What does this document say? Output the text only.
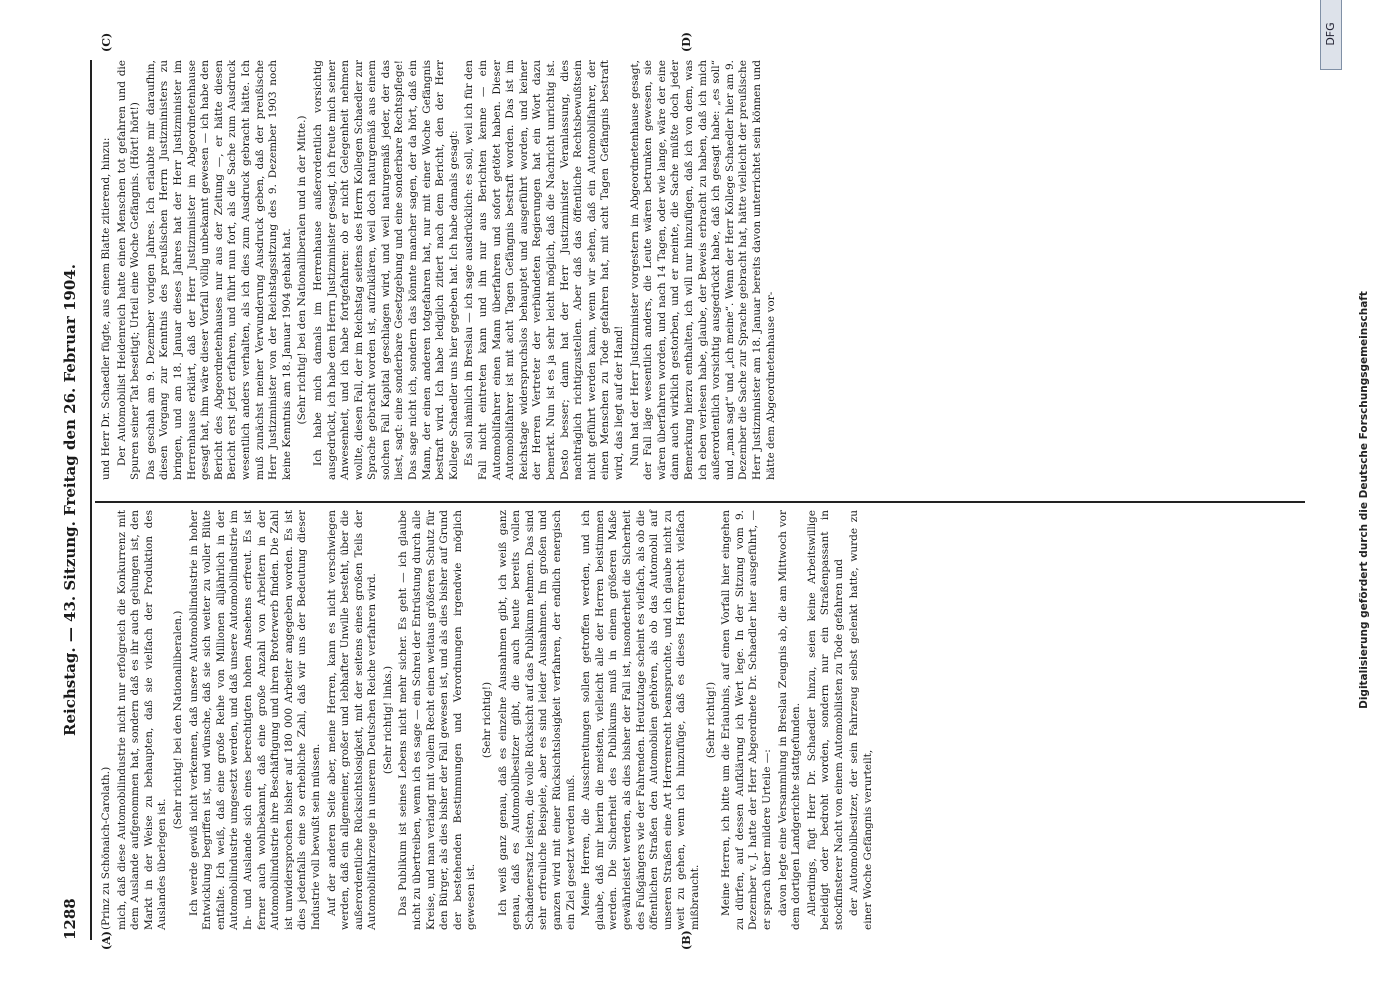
1288
Reichstag. — 43. Sitzung. Freitag den 26. Februar 1904.
(A)	(B)
(C)	(D)

(Prinz zu Schönaich-Carolath.) mich, daß diese Automobilindustrie nicht nur erfolgreich die Konkurrenz mit dem Auslande aufgenommen hat, sondern daß es ihr auch gelungen ist, den Markt in der Weise zu behaupten, daß sie vielfach der Produktion des Auslandes überlegen ist.

(Sehr richtig! bei den Nationalliberalen.) Ich werde gewiß nicht verkennen, daß unsere Automobilindustrie in hoher Entwicklung begriffen ist, und wünsche, daß sie sich weiter zu voller Blüte entfalte. Ich weiß, daß eine große Reihe von Millionen alljährlich in der Automobilindustrie umgesetzt werden, und daß unsere Automobilindustrie im In- und Auslande sich eines berechtigten hohen Ansehens erfreut. Es ist ferner auch wohlbekannt, daß eine große Anzahl von Arbeitern in der Automobilindustrie ihre Beschäftigung und ihren Broterwerb finden. Die Zahl ist unwidersprochen bisher auf 180 000 Arbeiter angegeben worden. Es ist dies jedenfalls eine so erhebliche Zahl, daß wir uns der Bedeutung dieser Industrie voll bewußt sein müssen. Auf der anderen Seite aber, meine Herren, kann es nicht verschwiegen werden, daß ein allgemeiner, großer und lebhafter Unwille besteht, über die außerordentliche Rücksichtslosigkeit, mit der seitens eines großen Teils der Automobilfahrzeuge in unserem Deutschen Reiche verfahren wird. (Sehr richtig! links.) Das Publikum ist seines Lebens nicht mehr sicher. Es geht — ich glaube nicht zu übertreiben, wenn ich es sage — ein Schrei der Entrüstung durch alle Kreise, und man verlangt mit vollem Recht einen weitaus größeren Schutz für den Bürger, als dies bisher der Fall gewesen ist, und als dies bisher auf Grund der bestehenden Bestimmungen und Verordnungen irgendwie möglich gewesen ist.

(Sehr richtig!) Ich weiß ganz genau, daß es einzelne Ausnahmen gibt, ich weiß ganz genau, daß es Automobilbesitzer gibt, die auch heute bereits vollen Schadenersatz leisten, die volle Rücksicht auf das Publikum nehmen. Das sind sehr erfreuliche Beispiele, aber es sind leider Ausnahmen. Im großen und ganzen wird mit einer Rücksichtslosigkeit verfahren, der endlich energisch ein Ziel gesetzt werden muß. Meine Herren, die Ausschreitungen sollen getroffen werden, und ich glaube, daß mir hierin die meisten, vielleicht alle der Herren beistimmen werden. Die Sicherheit des Publikums muß in einem größeren Maße gewährleistet werden, als dies bisher der Fall ist, insonderheit die Sicherheit des Fußgängers wie der Fahrenden. Heutzutage scheint es vielfach, als ob die öffentlichen Straßen den Automobilen gehören, als ob das Automobil auf unseren Straßen eine Art Herrenrecht beanspruchte, und ich glaube nicht zu weit zu gehen, wenn ich hinzufüge, daß es dieses Herrenrecht vielfach mißbraucht.

(Sehr richtig!) Meine Herren, ich bitte um die Erlaubnis, auf einen Vorfall hier eingehen zu dürfen, auf dessen Aufklärung ich Wert lege. In der Sitzung vom 9. Dezember v. J. hatte der Herr Abgeordnete Dr. Schaedler hier ausgeführt, — er sprach über mildere Urteile —: davon legte eine Versammlung in Breslau Zeugnis ab, die am Mittwoch vor dem dortigen Landgerichte stattgefunden. Allerdings, fügt Herr Dr. Schaedler hinzu, seien keine Arbeitswillige beleidigt oder bedroht worden, sondern nur ein Straßenpassant in stockfinsterer Nacht von einem Automobilisten zu Tode gefahren und der Automobilbesitzer, der sein Fahrzeug selbst gelenkt hatte, wurde zu einer Woche Gefängnis verurteilt,

und Herr Dr. Schaedler fügte, aus einem Blatte zitierend, hinzu: Der Automobilist Heidenreich hatte einen Menschen tot gefahren und die Spuren seiner Tat beseitigt; Urteil eine Woche Gefängnis. (Hört! hört!) Das geschah am 9. Dezember vorigen Jahres. Ich erlaubte mir daraufhin, diesen Vorgang zur Kenntnis des preußischen Herrn Justizministers zu bringen, und am 18. Januar dieses Jahres hat der Herr Justizminister im Herrenhause erklärt, daß der Herr Justizminister im Abgeordnetenhause gesagt hat, ihm wäre dieser Vorfall völlig unbekannt gewesen — ich habe den Bericht des Abgeordnetenhauses nur aus der Zeitung —, er hätte diesen Bericht erst jetzt erfahren, und führt nun fort, als die Sache zum Ausdruck wesentlich anders verhalten, als ich dies zum Ausdruck gebracht hätte. Ich muß zunächst meiner Verwunderung Ausdruck geben, daß der preußische Herr Justizminister von der Reichstagssitzung des 9. Dezember 1903 noch keine Kenntnis am 18. Januar 1904 gehabt hat. (Sehr richtig! bei den Nationalliberalen und in der Mitte.) Ich habe mich damals im Herrenhause außerordentlich vorsichtig ausgedrückt, ich habe dem Herrn Justizminister gesagt, ich freute mich seiner Anwesenheit, und ich habe fortgefahren: ob er nicht Gelegenheit nehmen wollte, diesen Fall, der im Reichstag seitens des Herrn Kollegen Schaedler zur Sprache gebracht worden ist, aufzuklären, weil doch naturgemäß aus einem solchen Fall Kapital geschlagen wird, und weil naturgemäß jeder, der das liest, sagt: eine sonderbare Gesetzgebung und eine sonderbare Rechtspflege! Das sage nicht ich, sondern das könnte mancher sagen, der da hört, daß ein Mann, der einen anderen totgefahren hat, nur mit einer Woche Gefängnis bestraft wird. Ich habe lediglich zitiert nach dem Bericht, den der Herr Kollege Schaedler uns hier gegeben hat. Ich habe damals gesagt: Es soll nämlich in Breslau — ich sage ausdrücklich: es soll, weil ich für den Fall nicht eintreten kann und ihn nur aus Berichten kenne — ein Automobilfahrer einen Mann überfahren und sofort getötet haben. Dieser Automobilfahrer ist mit acht Tagen Gefängnis bestraft worden. Das ist im Reichstage widerspruchslos behauptet und ausgeführt worden, und keiner der Herren Vertreter der verbündeten Regierungen hat ein Wort dazu bemerkt. Nun ist es ja sehr leicht möglich, daß die Nachricht unrichtig ist. Desto besser; dann hat der Herr Justizminister Veranlassung, dies nachträglich richtigzustellen. Aber daß das öffentliche Rechtsbewußtsein nicht geführt werden kann, wenn wir sehen, daß ein Automobilfahrer, der einen Menschen zu Tode gefahren hat, mit acht Tagen Gefängnis bestraft wird, das liegt auf der Hand! Nun hat der Herr Justizminister vorgestern im Abgeordnetenhause gesagt, der Fall läge wesentlich anders, die Leute wären betrunken gewesen, sie wären überfahren worden, und nach 14 Tagen, oder wie lange, wäre der eine dann auch wirklich gestorben, und er meinte, die Sache müßte doch jeder Bemerkung hierzu enthalten, ich will nur hinzufügen, daß ich von dem, was ich eben verlesen habe, glaube, der Beweis erbracht zu haben, daß ich mich außerordentlich vorsichtig ausgedrückt habe, daß ich gesagt habe: „es soll“ und „man sagt“ und „ich meine“. Wenn der Herr Kollege Schaedler hier am 9. Dezember die Sache zur Sprache gebracht hat, hätte vielleicht der preußische Herr Justizminister am 18. Januar bereits davon unterrichtet sein können und hätte dem Abgeordnetenhause vor-

DFG
Digitalisierung gefördert durch die Deutsche Forschungsgemeinschaft
